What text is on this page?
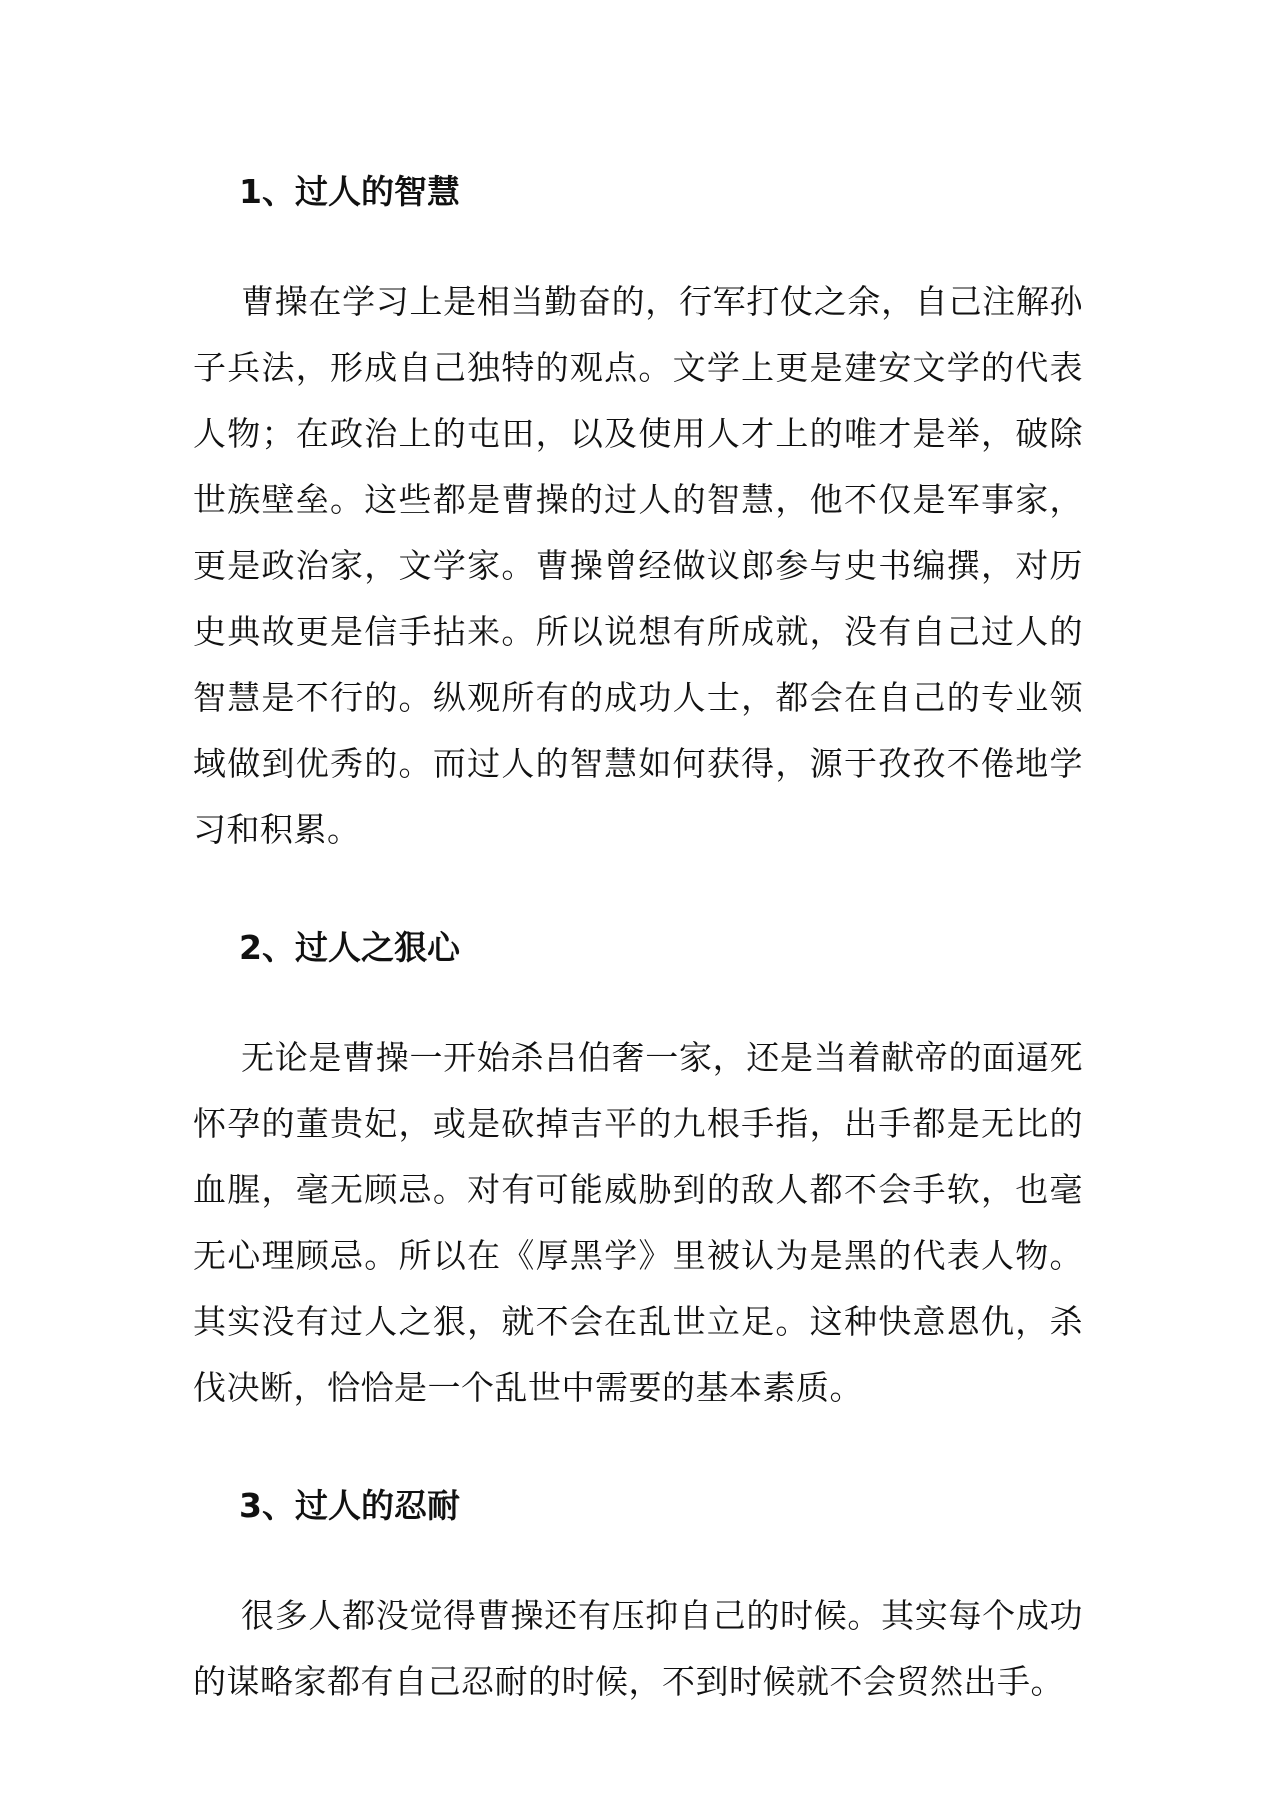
1、过人的智慧

曹操在学习上是相当勤奋的，行军打仗之余，自己注解孙子兵法，形成自己独特的观点。文学上更是建安文学的代表人物；在政治上的屯田，以及使用人才上的唯才是举，破除世族壁垒。这些都是曹操的过人的智慧，他不仅是军事家，更是政治家，文学家。曹操曾经做议郎参与史书编撰，对历史典故更是信手拈来。所以说想有所成就，没有自己过人的智慧是不行的。纵观所有的成功人士，都会在自己的专业领域做到优秀的。而过人的智慧如何获得，源于孜孜不倦地学习和积累。

2、过人之狠心

无论是曹操一开始杀吕伯奢一家，还是当着献帝的面逼死怀孕的董贵妃，或是砍掉吉平的九根手指，出手都是无比的血腥，毫无顾忌。对有可能威胁到的敌人都不会手软，也毫无心理顾忌。所以在《厚黑学》里被认为是黑的代表人物。其实没有过人之狠，就不会在乱世立足。这种快意恩仇，杀伐决断，恰恰是一个乱世中需要的基本素质。

3、过人的忍耐

很多人都没觉得曹操还有压抑自己的时候。其实每个成功的谋略家都有自己忍耐的时候，不到时候就不会贸然出手。
